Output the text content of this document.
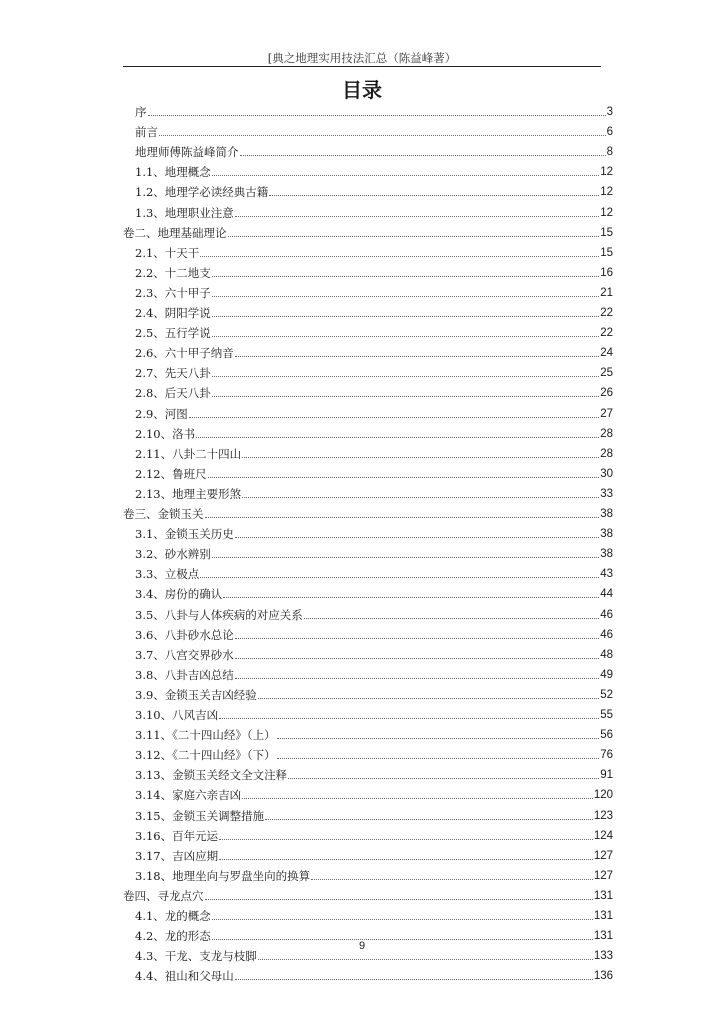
[典之地理实用技法汇总（陈益峰著）
目录
序	3
前言	6
地理师傅陈益峰简介	8
1.1、地理概念	12
1.2、地理学必读经典古籍	12
1.3、地理职业注意	12
卷二、地理基础理论	15
2.1、十天干	15
2.2、十二地支	16
2.3、六十甲子	21
2.4、阴阳学说	22
2.5、五行学说	22
2.6、六十甲子纳音	24
2.7、先天八卦	25
2.8、后天八卦	26
2.9、河图	27
2.10、洛书	28
2.11、八卦二十四山	28
2.12、鲁班尺	30
2.13、地理主要形煞	33
卷三、金锁玉关	38
3.1、金锁玉关历史	38
3.2、砂水辨别	38
3.3、立极点	43
3.4、房份的确认	44
3.5、八卦与人体疾病的对应关系	46
3.6、八卦砂水总论	46
3.7、八宫交界砂水	48
3.8、八卦吉凶总结	49
3.9、金锁玉关吉凶经验	52
3.10、八风吉凶	55
3.11、《二十四山经》（上）	56
3.12、《二十四山经》（下）	76
3.13、金锁玉关经文全文注释	91
3.14、家庭六亲吉凶	120
3.15、金锁玉关调整措施	123
3.16、百年元运	124
3.17、吉凶应期	127
3.18、地理坐向与罗盘坐向的换算	127
卷四、寻龙点穴	131
4.1、龙的概念	131
4.2、龙的形态	131
4.3、干龙、支龙与枝脚	133
4.4、祖山和父母山	136
9
